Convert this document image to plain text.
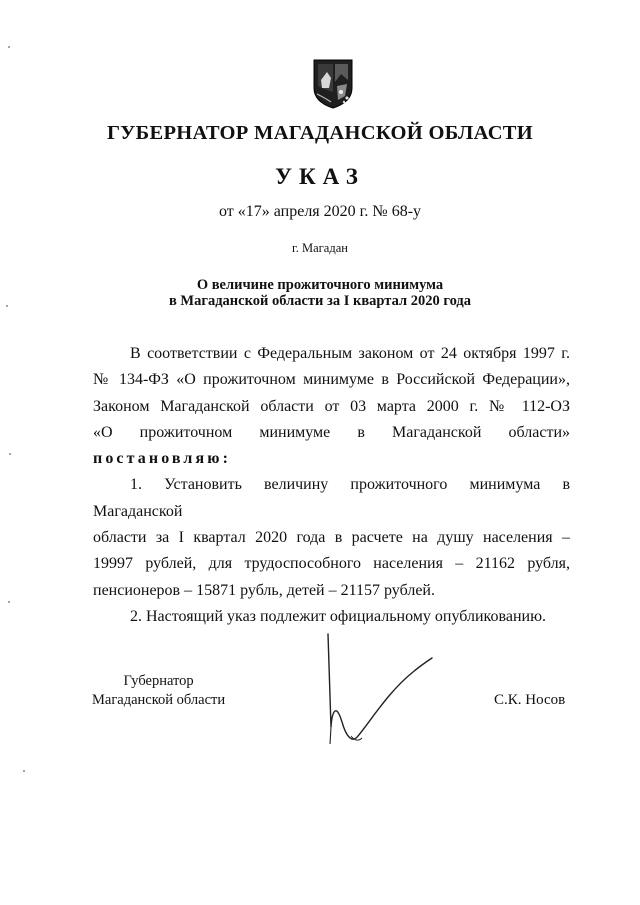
ГУБЕРНАТОР МАГАДАНСКОЙ ОБЛАСТИ
УКАЗ
от «17» апреля 2020 г. № 68-у
г. Магадан
О величине прожиточного минимума
в Магаданской области за I квартал 2020 года

В соответствии с Федеральным законом от 24 октября 1997 г.

№ 134-ФЗ «О прожиточном минимуме в Российской Федерации»,

Законом Магаданской области от 03 марта 2000 г. № 112-ОЗ

«О прожиточном минимуме в Магаданской области»

постановляю:

1. Установить величину прожиточного минимума в Магаданской

области за I квартал 2020 года в расчете на душу населения –

19997 рублей, для трудоспособного населения – 21162 рубля,

пенсионеров – 15871 рубль, детей – 21157 рублей.

2. Настоящий указ подлежит официальному опубликованию.

Губернатор
Магаданской области	С.К. Носов
